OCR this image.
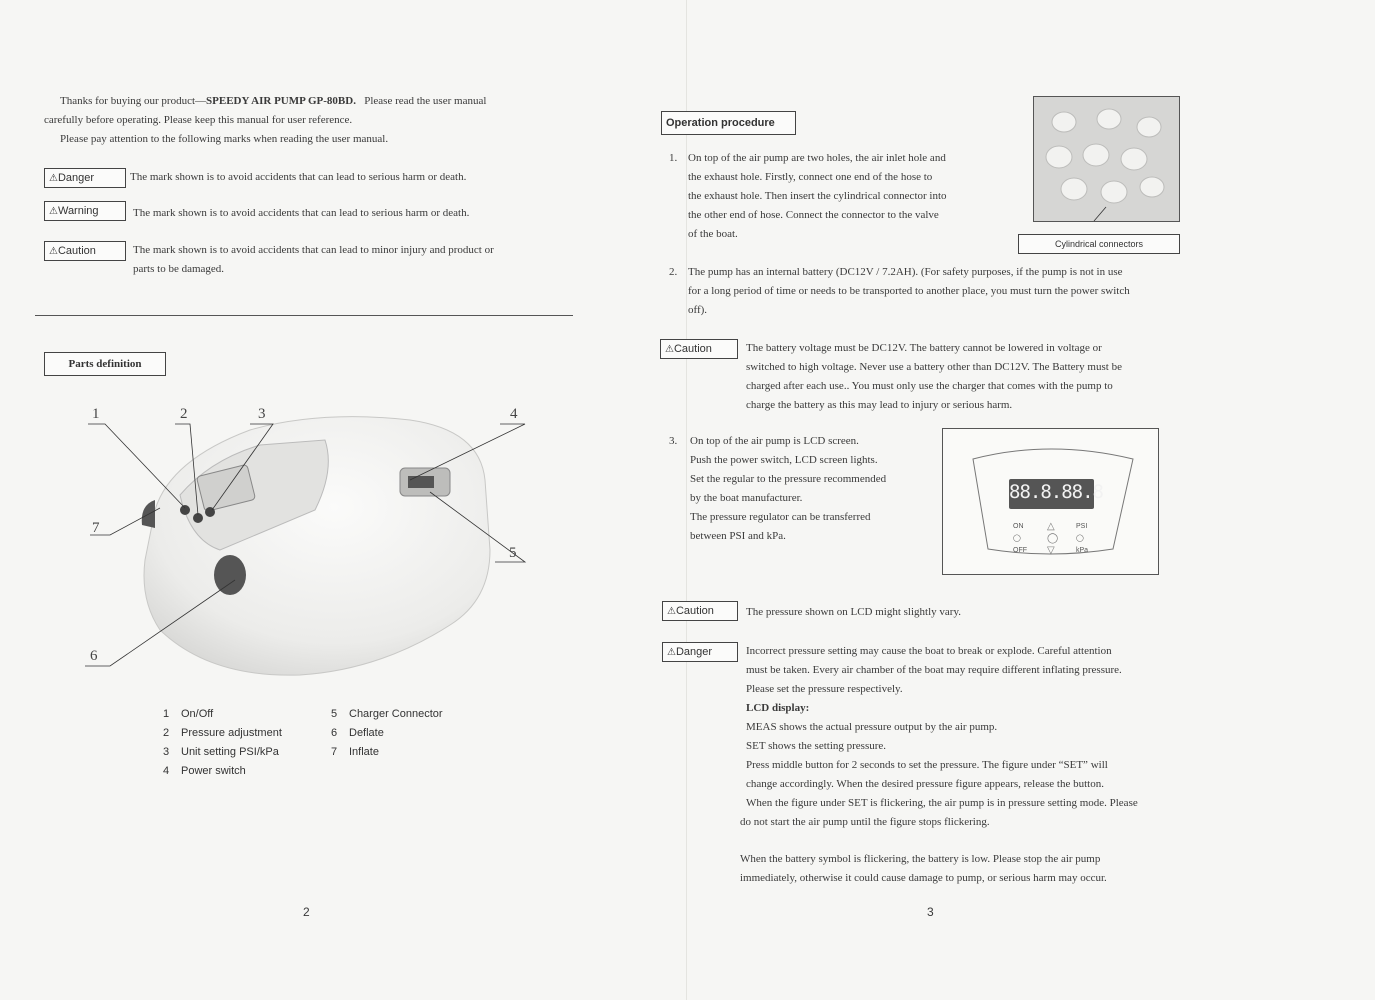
Thanks for buying our product—SPEEDY AIR PUMP GP-80BD. Please read the user manual
carefully before operating. Please keep this manual for user reference.
Please pay attention to the following marks when reading the user manual.
⚠Danger	The mark shown is to avoid accidents that can lead to serious harm or death.
⚠Warning	The mark shown is to avoid accidents that can lead to serious harm or death.
⚠Caution	The mark shown is to avoid accidents that can lead to minor injury and product or
parts to be damaged.
Parts definition
1	2	3	4
5
6
7
1 On/Off
2 Pressure adjustment
3 Unit setting PSI/kPa
4 Power switch
5 Charger Connector
6 Deflate
7 Inflate
2
Operation procedure
Cylindrical connectors
1. On top of the air pump are two holes, the air inlet hole and
the exhaust hole. Firstly, connect one end of the hose to
the exhaust hole. Then insert the cylindrical connector into
the other end of hose. Connect the connector to the valve
of the boat.
2. The pump has an internal battery (DC12V / 7.2AH). (For safety purposes, if the pump is not in use
for a long period of time or needs to be transported to another place, you must turn the power switch
off).
⚠Caution	The battery voltage must be DC12V. The battery cannot be lowered in voltage or
switched to high voltage. Never use a battery other than DC12V. The Battery must be
charged after each use.. You must only use the charger that comes with the pump to
charge the battery as this may lead to injury or serious harm.
3. On top of the air pump is LCD screen.
Push the power switch, LCD screen lights.
Set the regular to the pressure recommended
by the boat manufacturer.
The pressure regulator can be transferred
between PSI and kPa.
88.8.88.8
ON
◯
OFF
△
◯
▽
PSI
◯
kPa
⚠Caution	The pressure shown on LCD might slightly vary.
⚠Danger	Incorrect pressure setting may cause the boat to break or explode. Careful attention
must be taken. Every air chamber of the boat may require different inflating pressure.
Please set the pressure respectively.
LCD display:
MEAS shows the actual pressure output by the air pump.
SET shows the setting pressure.
Press middle button for 2 seconds to set the pressure. The figure under “SET” will
change accordingly. When the desired pressure figure appears, release the button.
When the figure under SET is flickering, the air pump is in pressure setting mode. Please
do not start the air pump until the figure stops flickering.
When the battery symbol is flickering, the battery is low. Please stop the air pump
immediately, otherwise it could cause damage to pump, or serious harm may occur.
3
